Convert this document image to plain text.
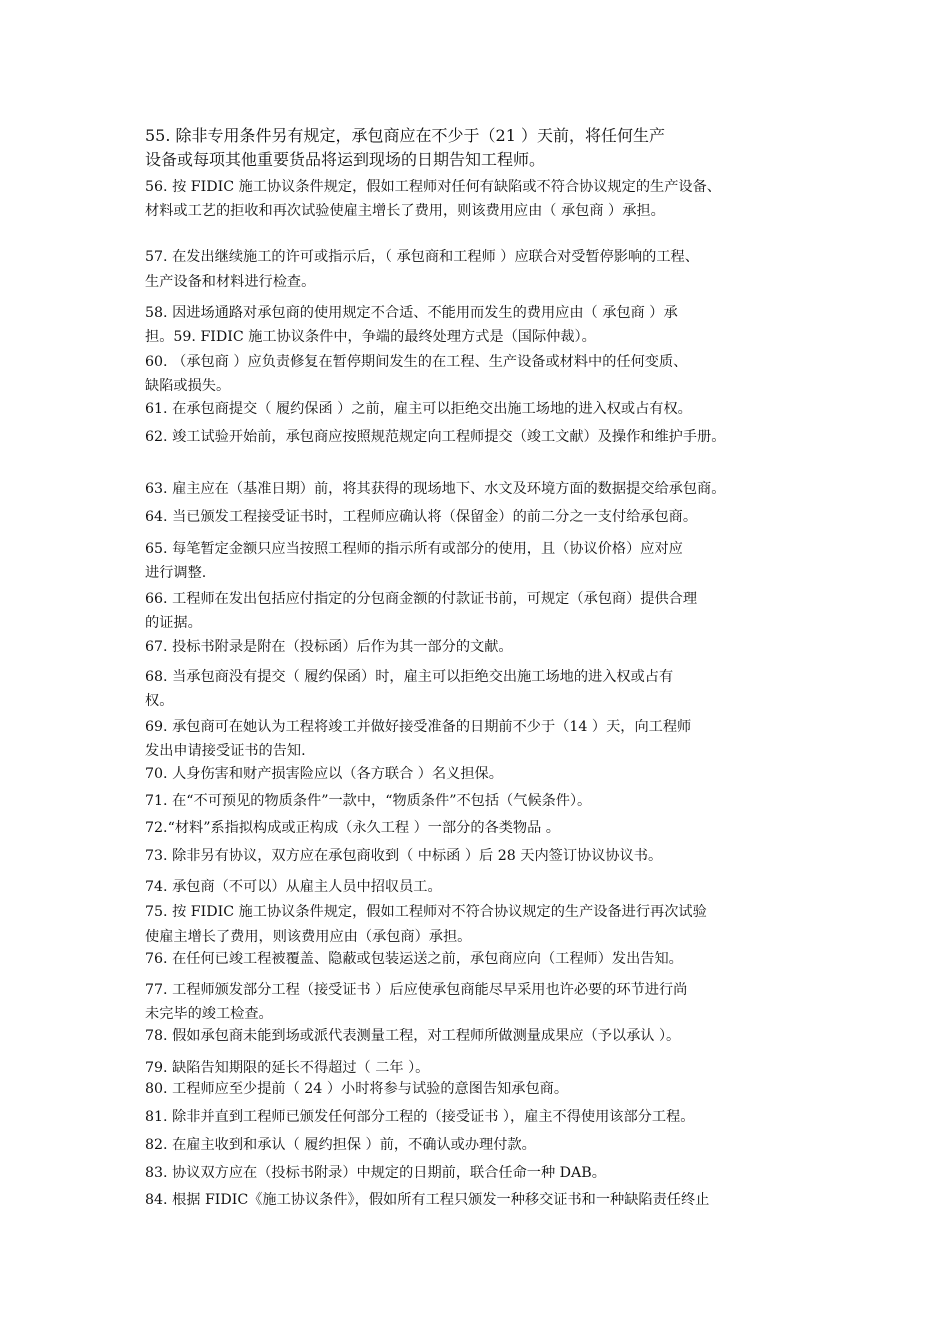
55. 除非专用条件另有规定，承包商应在不少于（21 ）天前，将任何生产
设备或每项其他重要货品将运到现场的日期告知工程师。
56. 按 FIDIC 施工协议条件规定，假如工程师对任何有缺陷或不符合协议规定的生产设备、
材料或工艺的拒收和再次试验使雇主增长了费用，则该费用应由（ 承包商 ）承担。
57. 在发出继续施工的许可或指示后，（ 承包商和工程师 ）应联合对受暂停影响的工程、
生产设备和材料进行检查。
58. 因进场通路对承包商的使用规定不合适、不能用而发生的费用应由（ 承包商 ）承
担。59. FIDIC 施工协议条件中，争端的最终处理方式是（国际仲裁）。
60. （承包商 ）应负责修复在暂停期间发生的在工程、生产设备或材料中的任何变质、
缺陷或损失。
61. 在承包商提交（ 履约保函 ）之前，雇主可以拒绝交出施工场地的进入权或占有权。
62. 竣工试验开始前，承包商应按照规范规定向工程师提交（竣工文献）及操作和维护手册。
63. 雇主应在（基准日期）前，将其获得的现场地下、水文及环境方面的数据提交给承包商。
64. 当已颁发工程接受证书时，工程师应确认将（保留金）的前二分之一支付给承包商。
65. 每笔暂定金额只应当按照工程师的指示所有或部分的使用，且（协议价格）应对应
进行调整.
66. 工程师在发出包括应付指定的分包商金额的付款证书前，可规定（承包商）提供合理
的证据。
67. 投标书附录是附在（投标函）后作为其一部分的文献。
68. 当承包商没有提交（ 履约保函）时，雇主可以拒绝交出施工场地的进入权或占有
权。
69. 承包商可在她认为工程将竣工并做好接受准备的日期前不少于（14 ）天，向工程师
发出申请接受证书的告知.
70. 人身伤害和财产损害险应以（各方联合 ）名义担保。
71. 在“不可预见的物质条件”一款中，“物质条件”不包括（气候条件）。
72.“材料”系指拟构成或正构成（永久工程 ）一部分的各类物品 。
73. 除非另有协议，双方应在承包商收到（ 中标函 ）后 28 天内签订协议协议书。
74. 承包商（不可以）从雇主人员中招収员工。
75. 按 FIDIC 施工协议条件规定，假如工程师对不符合协议规定的生产设备进行再次试验
使雇主增长了费用，则该费用应由（承包商）承担。
76. 在任何已竣工程被覆盖、隐蔽或包装运送之前，承包商应向（工程师）发出告知。
77. 工程师颁发部分工程（接受证书 ）后应使承包商能尽早采用也许必要的环节进行尚
未完毕的竣工检查。
78. 假如承包商未能到场或派代表测量工程，对工程师所做测量成果应（予以承认 ）。
79. 缺陷告知期限的延长不得超过（ 二年 ）。
80. 工程师应至少提前（ 24 ）小时将参与试验的意图告知承包商。
81. 除非并直到工程师已颁发任何部分工程的（接受证书 ），雇主不得使用该部分工程。
82. 在雇主收到和承认（ 履约担保 ）前，不确认或办理付款。
83. 协议双方应在（投标书附录）中规定的日期前，联合任命一种 DAB。
84. 根据 FIDIC《施工协议条件》，假如所有工程只颁发一种移交证书和一种缺陷责任终止
